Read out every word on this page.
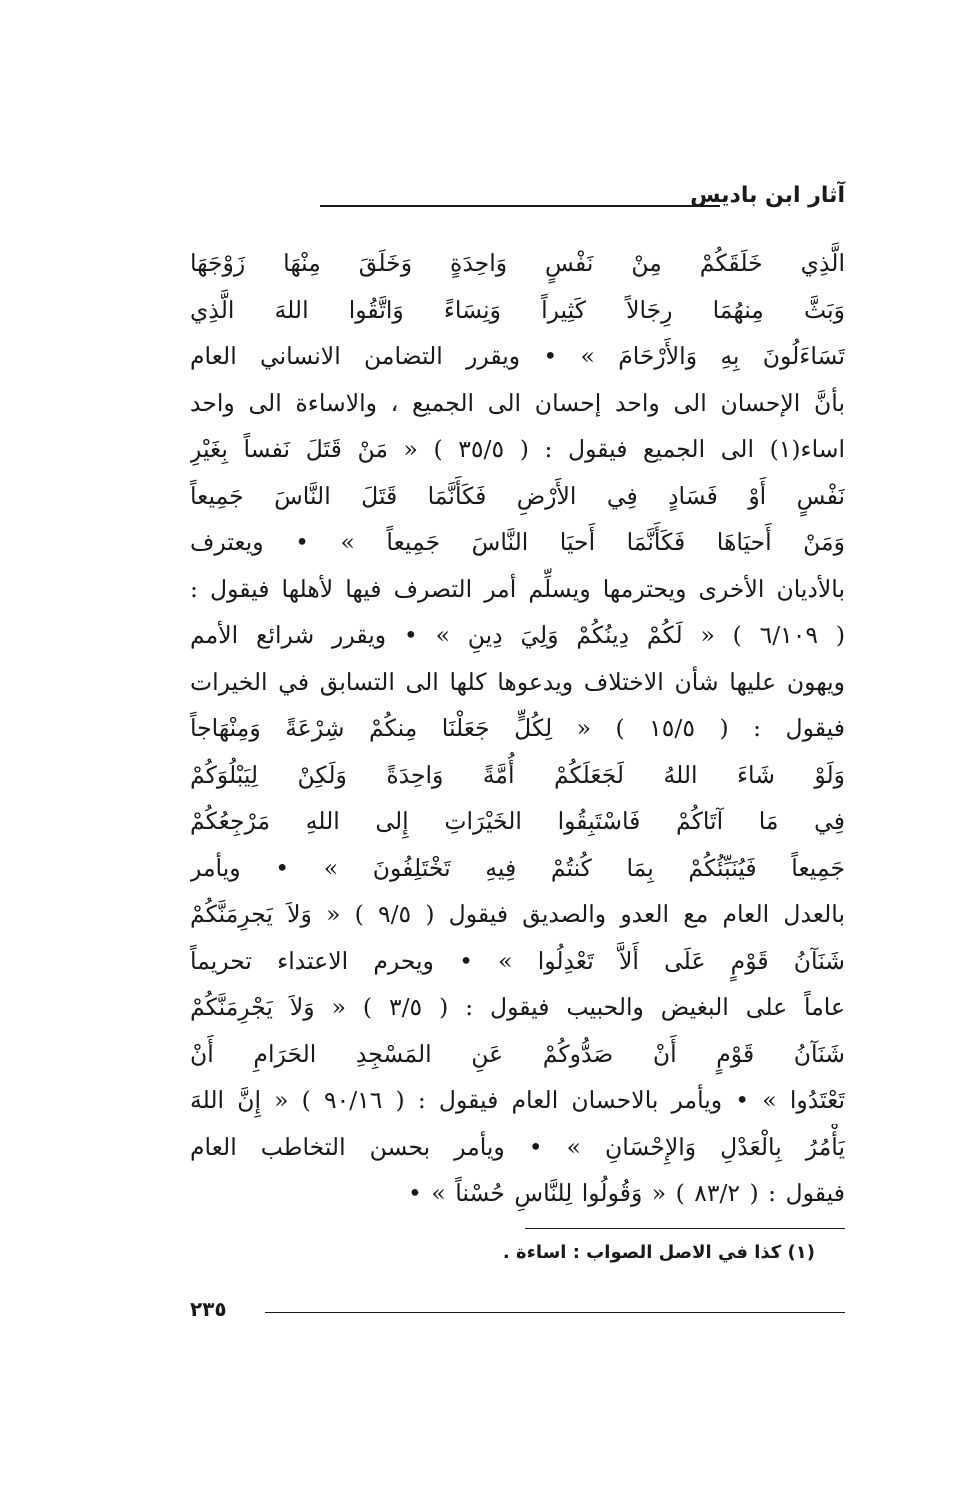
آثار ابن باديس
الَّذِي خَلَقَكُمْ مِنْ نَفْسٍ وَاحِدَةٍ وَخَلَقَ مِنْهَا زَوْجَهَا
وَبَثَّ مِنهُمَا رِجَالاً كَثِيراً وَنِسَاءً وَاتَّقُوا اللهَ الَّذِي
تَسَاءَلُونَ بِهِ وَالأَرْحَامَ » • ويقرر التضامن الانساني العام
بأنَّ الإحسان الى واحد إحسان الى الجميع ، والاساءة الى واحد
اساء(١) الى الجميع فيقول : ( ٣٥/٥ ) « مَنْ قَتَلَ نَفساً بِغَيْرِ
نَفْسٍ أَوْ فَسَادٍ فِي الأَرْضِ فَكَأَنَّمَا قَتَلَ النَّاسَ جَمِيعاً
وَمَنْ أَحيَاهَا فَكَأَنَّمَا أَحيَا النَّاسَ جَمِيعاً » • ويعترف
بالأديان الأخرى ويحترمها ويسلِّم أمر التصرف فيها لأهلها فيقول :
( ٦/١٠٩ ) « لَكُمْ دِينُكُمْ وَلِيَ دِينِ » • ويقرر شرائع الأمم
ويهون عليها شأن الاختلاف ويدعوها كلها الى التسابق في الخيرات
فيقول : ( ١٥/٥ ) « لِكُلٍّ جَعَلْنَا مِنكُمْ شِرْعَةً وَمِنْهَاجاً
وَلَوْ شَاءَ اللهُ لَجَعَلَكُمْ أُمَّةً وَاحِدَةً وَلَكِنْ لِيَبْلُوَكُمْ
فِي مَا آتَاكُمْ فَاسْتَبِقُوا الخَيْرَاتِ إِلى اللهِ مَرْجِعُكُمْ
جَمِيعاً فَيُنَبِّئُكُمْ بِمَا كُنتُمْ فِيهِ تَخْتَلِفُونَ » • ويأمر
بالعدل العام مع العدو والصديق فيقول ( ٩/٥ ) « وَلاَ يَجرِمَنَّكُمْ
شَنَآنُ قَوْمٍ عَلَى أَلاَّ تَعْدِلُوا » • ويحرم الاعتداء تحريماً
عاماً على البغيض والحبيب فيقول : ( ٣/٥ ) « وَلاَ يَجْرِمَنَّكُمْ
شَنَآنُ قَوْمٍ أَنْ صَدُّوكُمْ عَنِ المَسْجِدِ الحَرَامِ أَنْ
تَعْتَدُوا » • ويأمر بالاحسان العام فيقول : ( ٩٠/١٦ ) « إِنَّ اللهَ
يَأْمُرُ بِالْعَدْلِ وَالإِحْسَانِ » • ويأمر بحسن التخاطب العام
فيقول : ( ٨٣/٢ ) « وَقُولُوا لِلنَّاسِ حُسْناً » •
(١) كذا في الاصل الصواب : اساءة .
٢٣٥
